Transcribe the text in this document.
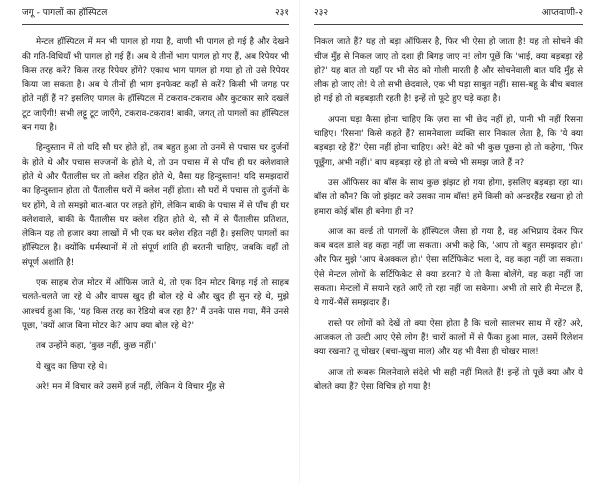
जगू - पागलों का हॉस्पिटल	२३१

मेन्टल हॉस्पिटल में मन भी पागल हो गया है, वाणी भी पागल हो गई है और देखने की गति-विधियाँ भी पागल हो गई हैं। अब ये तीनों भाग पागल हो गए हैं, अब रिपेयर भी किस तरह करें? किस तरह रिपेयर होंगे? एकाध भाग पागल हो गया हो तो उसे रिपेयर किया जा सकता है। अब ये तीनों ही भाग इनफेक्ट कहाँ से करें? किसी भी जगह पर होते नहीं हैं न? इसलिए पागल के हॉस्पिटल में टकराव-टकराव और कुटकार सारे दखलें टूट जाएँगी! सभी लट्टू टूट जाएँगे, टकराव-टकराव! बाकी, जगत् तो पागलों का हॉस्पिटल बन गया है।

हिन्दुस्तान में तो यदि सौ घर होते हों, तब बहुत हुआ तो उनमें से पचास घर दुर्जनों के होते थे और पचास सज्जनों के होते थे, तो उन पचास में से पाँच ही घर क्लेशवाले होते थे और पैंतालीस घर तो क्लेश रहित होते थे, वैसा यह हिन्दुस्तान! यदि समझदारों का हिन्दुस्तान होता तो पैंतालीस घरों में क्लेश नहीं होता। सौ घरों में पचास तो दुर्जनों के घर होंगे, वे तो समझो बात-बात पर लड़ते होंगे, लेकिन बाकी के पचास में से पाँच ही घर क्लेशवाले, बाकी के पैंतालीस घर क्लेश रहित होते थे, सौ में से पैंतालीस प्रतिशत, लेकिन यह तो हजार क्या लाखों में भी एक घर क्लेश रहित नहीं है। इसलिए पागलों का हॉस्पिटल है। क्योंकि धर्मस्थानों में तो संपूर्ण शांति ही बरतनी चाहिए, जबकि वहाँ तो संपूर्ण अशांति है!

एक साहब रोज मोटर में ऑफिस जाते थे, तो एक दिन मोटर बिगड़ गई तो साहब चलते-चलते जा रहे थे और वापस खुद ही बोल रहे थे और खुद ही सुन रहे थे, मुझे आश्चर्य हुआ कि, 'यह किस तरह का रेडियो बज रहा है?' मैं उनके पास गया, मैंने उनसे पूछा, 'क्यों आज बिना मोटर के? आप क्या बोल रहे थे?'

तब उन्होंने कहा, 'कुछ नहीं, कुछ नहीं।'

ये खुद का छिपा रहे थे।

अरे! मन में विचार करे उसमें हर्ज नहीं, लेकिन ये विचार मुँह से

२३२	आप्तवाणी-२

निकल जाते हैं? यह तो बड़ा ऑफिसर है, फिर भी ऐसा हो जाता है! यह तो सोचने की चीज मुँह से निकल जाए तो दशा ही बिगड़ जाए न! लोग पूछें कि 'भाई, क्या बड़बड़ा रहे हो?' यह बात तो यहाँ पर भी सेठ को गोली मारती है और सोचनेवाली बात यदि मुँह से लीक हो जाए तो! ये तो सभी छेदवाले, एक भी घड़ा साबुत नहीं। सास-बहू के बीच बवाल हो गई हो तो बड़बड़ाती रहती है! इन्हें तो फूटे हुए घड़े कहा है।

अपना घड़ा कैसा होना चाहिए कि ज़रा सा भी छेद नहीं हो, पानी भी नहीं रिसना चाहिए। 'रिसना' किसे कहते हैं? सामनेवाला व्यक्ति सार निकाल लेता है, कि 'ये क्या बड़बड़ा रहे हैं?' ऐसा नहीं होना चाहिए। अरे! बेटे को भी कुछ पूछना हो तो कहेगा, 'फिर पूछूँगा, अभी नहीं।' बाप बड़बड़ा रहे हो तो बच्चे भी समझ जाते हैं न?

उस ऑफिसर का बॉस के साथ कुछ झंझट हो गया होगा, इसलिए बड़बड़ा रहा था। बॉस तो कौन? कि जो झंझट करे उसका नाम बॉस! हमें किसी को अन्डरहैंड रखना हो तो हमारा कोई बॉस ही बनेगा ही न?

आज का वर्ल्ड तो पागलों के हॉस्पिटल जैसा हो गया है, वह अभिप्राय देकर फिर कब बदल डाले वह कहा नहीं जा सकता। अभी कहे कि, 'आप तो बहुत समझदार हो।' और फिर मुझे 'आप बेअक्कल हो।' ऐसा सर्टिफिकेट भला दे, वह कहा नहीं जा सकता। ऐसे मेन्टल लोगों के सर्टिफिकेट से क्या डरना? ये तो कैसा बोलेंगे, वह कहा नहीं जा सकता। मेन्टलों में सयाने रहते आएँ तो रहा नहीं जा सकेगा। अभी तो सारे ही मेन्टल हैं, ये गायें-भैंसें समझदार हैं।

रास्ते पर लोगों को देखें तो क्या ऐसा होता है कि चलो सालभर साथ में रहें? अरे, आजकल तो उल्टी आए ऐसे लोग हैं! चारों कालों में से फैंका हुआ माल, उसमें रिलेशन क्या रखना? तू चोखर (बचा-खुचा माल) और यह भी वैसा ही चोखर माल!

आज तो रूबरू मिलनेवाले संदेशे भी सही नहीं मिलते हैं! इन्हें तो पूछें क्या और ये बोलते क्या हैं? ऐसा विचित्र हो गया है!
